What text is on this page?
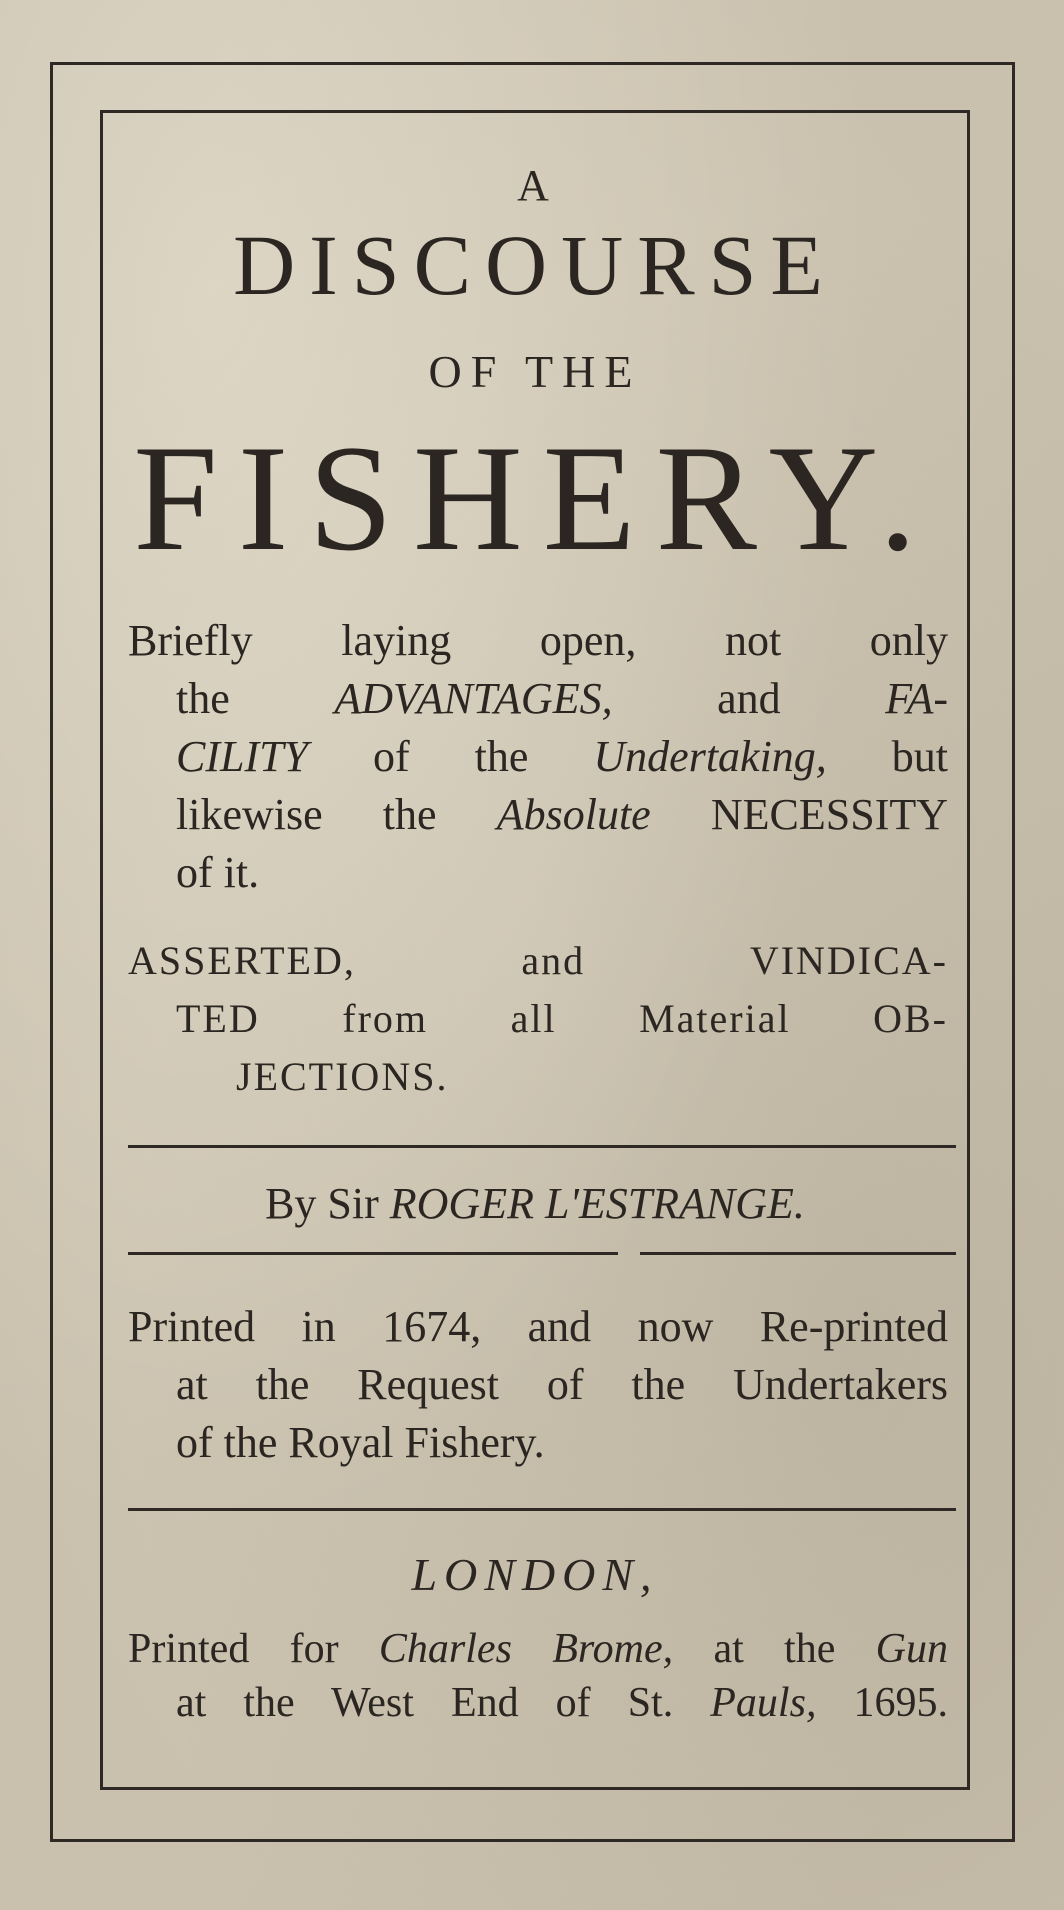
A
DISCOURSE
OF THE
FISHERY.
Briefly laying open, not only
the ADVANTAGES, and FA-
CILITY of the Undertaking, but
likewise the Absolute NECESSITY
of it.
ASSERTED, and VINDICA-
TED from all Material OB-
JECTIONS.
By Sir ROGER L'ESTRANGE.
Printed in 1674, and now Re-printed
at the Request of the Undertakers
of the Royal Fishery.
LONDON,
Printed for Charles Brome, at the Gun
at the West End of St. Pauls, 1695.
